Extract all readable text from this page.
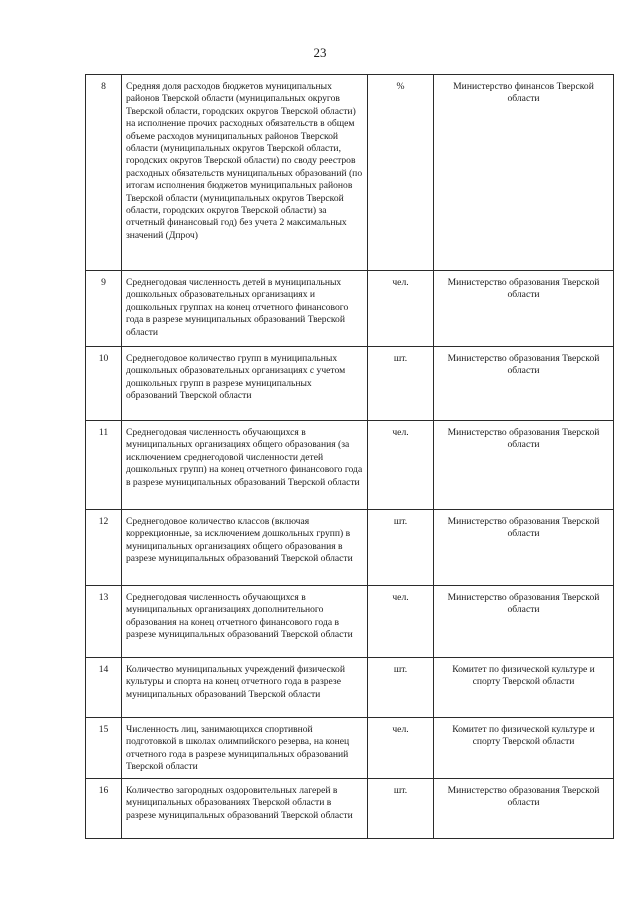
23
8	Средняя доля расходов бюджетов муниципальных районов Тверской области (муниципальных округов Тверской области, городских округов Тверской области) на исполнение прочих расходных обязательств в общем объеме расходов муниципальных районов Тверской области (муниципальных округов Тверской области, городских округов Тверской области) по своду реестров расходных обязательств муниципальных образований (по итогам исполнения бюджетов муниципальных районов Тверской области (муниципальных округов Тверской области, городских округов Тверской области) за отчетный финансовый год) без учета 2 максимальных значений (Дпроч)	%	Министерство финансов Тверской области
9	Среднегодовая численность детей в муниципальных дошкольных образовательных организациях и дошкольных группах на конец отчетного финансового года в разрезе муниципальных образований Тверской области	чел.	Министерство образования Тверской области
10	Среднегодовое количество групп в муниципальных дошкольных образовательных организациях с учетом дошкольных групп в разрезе муниципальных образований Тверской области	шт.	Министерство образования Тверской области
11	Среднегодовая численность обучающихся в муниципальных организациях общего образования (за исключением среднегодовой численности детей дошкольных групп) на конец отчетного финансового года в разрезе муниципальных образований Тверской области	чел.	Министерство образования Тверской области
12	Среднегодовое количество классов (включая коррекционные, за исключением дошкольных групп) в муниципальных организациях общего образования в разрезе муниципальных образований Тверской области	шт.	Министерство образования Тверской области
13	Среднегодовая численность обучающихся в муниципальных организациях дополнительного образования на конец отчетного финансового года в разрезе муниципальных образований Тверской области	чел.	Министерство образования Тверской области
14	Количество муниципальных учреждений физической культуры и спорта на конец отчетного года в разрезе муниципальных образований Тверской области	шт.	Комитет по физической культуре и спорту Тверской области
15	Численность лиц, занимающихся спортивной подготовкой в школах олимпийского резерва, на конец отчетного года в разрезе муниципальных образований Тверской области	чел.	Комитет по физической культуре и спорту Тверской области
16	Количество загородных оздоровительных лагерей в муниципальных образованиях Тверской области в разрезе муниципальных образований Тверской области	шт.	Министерство образования Тверской области
